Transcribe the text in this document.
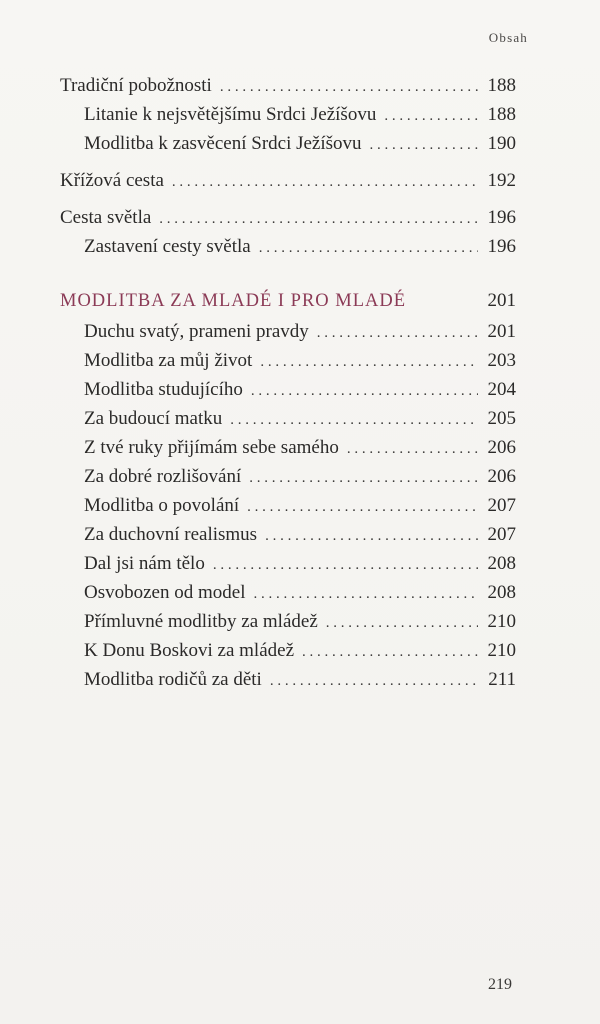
Obsah
Tradiční pobožnosti . . .	188
Litanie k nejsvětějšímu Srdci Ježíšovu . . .	188
Modlitba k zasvěcení Srdci Ježíšovu . . .	190
Křížová cesta . . .	192
Cesta světla . . .	196
Zastavení cesty světla . . .	196
MODLITBA ZA MLADÉ I PRO MLADÉ	201
Duchu svatý, prameni pravdy . . .	201
Modlitba za můj život . . .	203
Modlitba studujícího . . .	204
Za budoucí matku . . .	205
Z tvé ruky přijímám sebe samého . . .	206
Za dobré rozlišování . . .	206
Modlitba o povolání . . .	207
Za duchovní realismus . . .	207
Dal jsi nám tělo . . .	208
Osvobozen od model . . .	208
Přímluvné modlitby za mládež . . .	210
K Donu Boskovi za mládež . . .	210
Modlitba rodičů za děti . . .	211
219
